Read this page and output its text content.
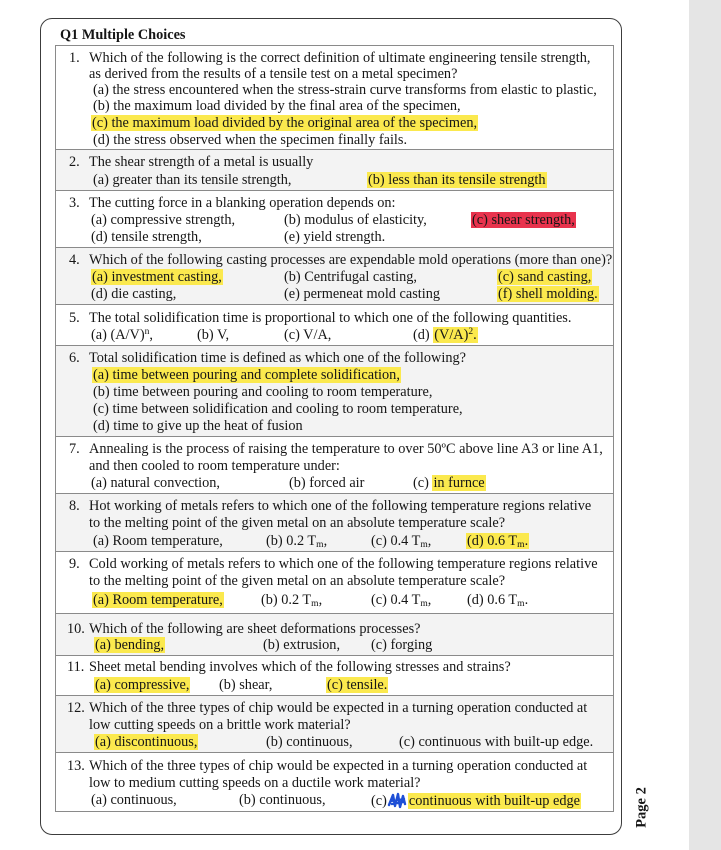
Q1 Multiple Choices
1. Which of the following is the correct definition of ultimate engineering tensile strength,
as derived from the results of a tensile test on a metal specimen?
(a) the stress encountered when the stress-strain curve transforms from elastic to plastic,
(b) the maximum load divided by the final area of the specimen,
(c) the maximum load divided by the original area of the specimen,
(d) the stress observed when the specimen finally fails.
2. The shear strength of a metal is usually
(a) greater than its tensile strength,	(b) less than its tensile strength
3. The cutting force in a blanking operation depends on:
(a) compressive strength,	(b) modulus of elasticity,	(c) shear strength,
(d) tensile strength,	(e) yield strength.
4. Which of the following casting processes are expendable mold operations (more than one)?
(a) investment casting,	(b) Centrifugal casting,	(c) sand casting,
(d) die casting,	(e) permeneat mold casting	(f) shell molding.
5. The total solidification time is proportional to which one of the following quantities.
(a) $(A/V)^n$,	(b) V,	(c) V/A,	(d) $(V/A)^2$.
6. Total solidification time is defined as which one of the following?
(a) time between pouring and complete solidification,
(b) time between pouring and cooling to room temperature,
(c) time between solidification and cooling to room temperature,
(d) time to give up the heat of fusion
7. Annealing is the process of raising the temperature to over 50ºC above line A3 or line A1,
and then cooled to room temperature under:
(a) natural convection,	(b) forced air	(c) in furnce
8. Hot working of metals refers to which one of the following temperature regions relative
to the melting point of the given metal on an absolute temperature scale?
(a) Room temperature,	(b) 0.2 $T_m$,	(c) 0.4 $T_m$, (d) 0.6 $T_m$.
9. Cold working of metals refers to which one of the following temperature regions relative
to the melting point of the given metal on an absolute temperature scale?
(a) Room temperature,	(b) 0.2 $T_m$,	(c) 0.4 $T_m$, (d) 0.6 $T_m$.
10. Which of the following are sheet deformations processes?
(a) bending,	(b) extrusion, (c) forging
11. Sheet metal bending involves which of the following stresses and strains?
(a) compressive, (b) shear,	(c) tensile.
12. Which of the three types of chip would be expected in a turning operation conducted at
low cutting speeds on a brittle work material?
(a) discontinuous,	(b) continuous,	(c) continuous with built-up edge.
13. Which of the three types of chip would be expected in a turning operation conducted at
low to medium cutting speeds on a ductile work material?
(a) continuous,	(b) continuous,	(c) continuous with built-up edge	Page 2
